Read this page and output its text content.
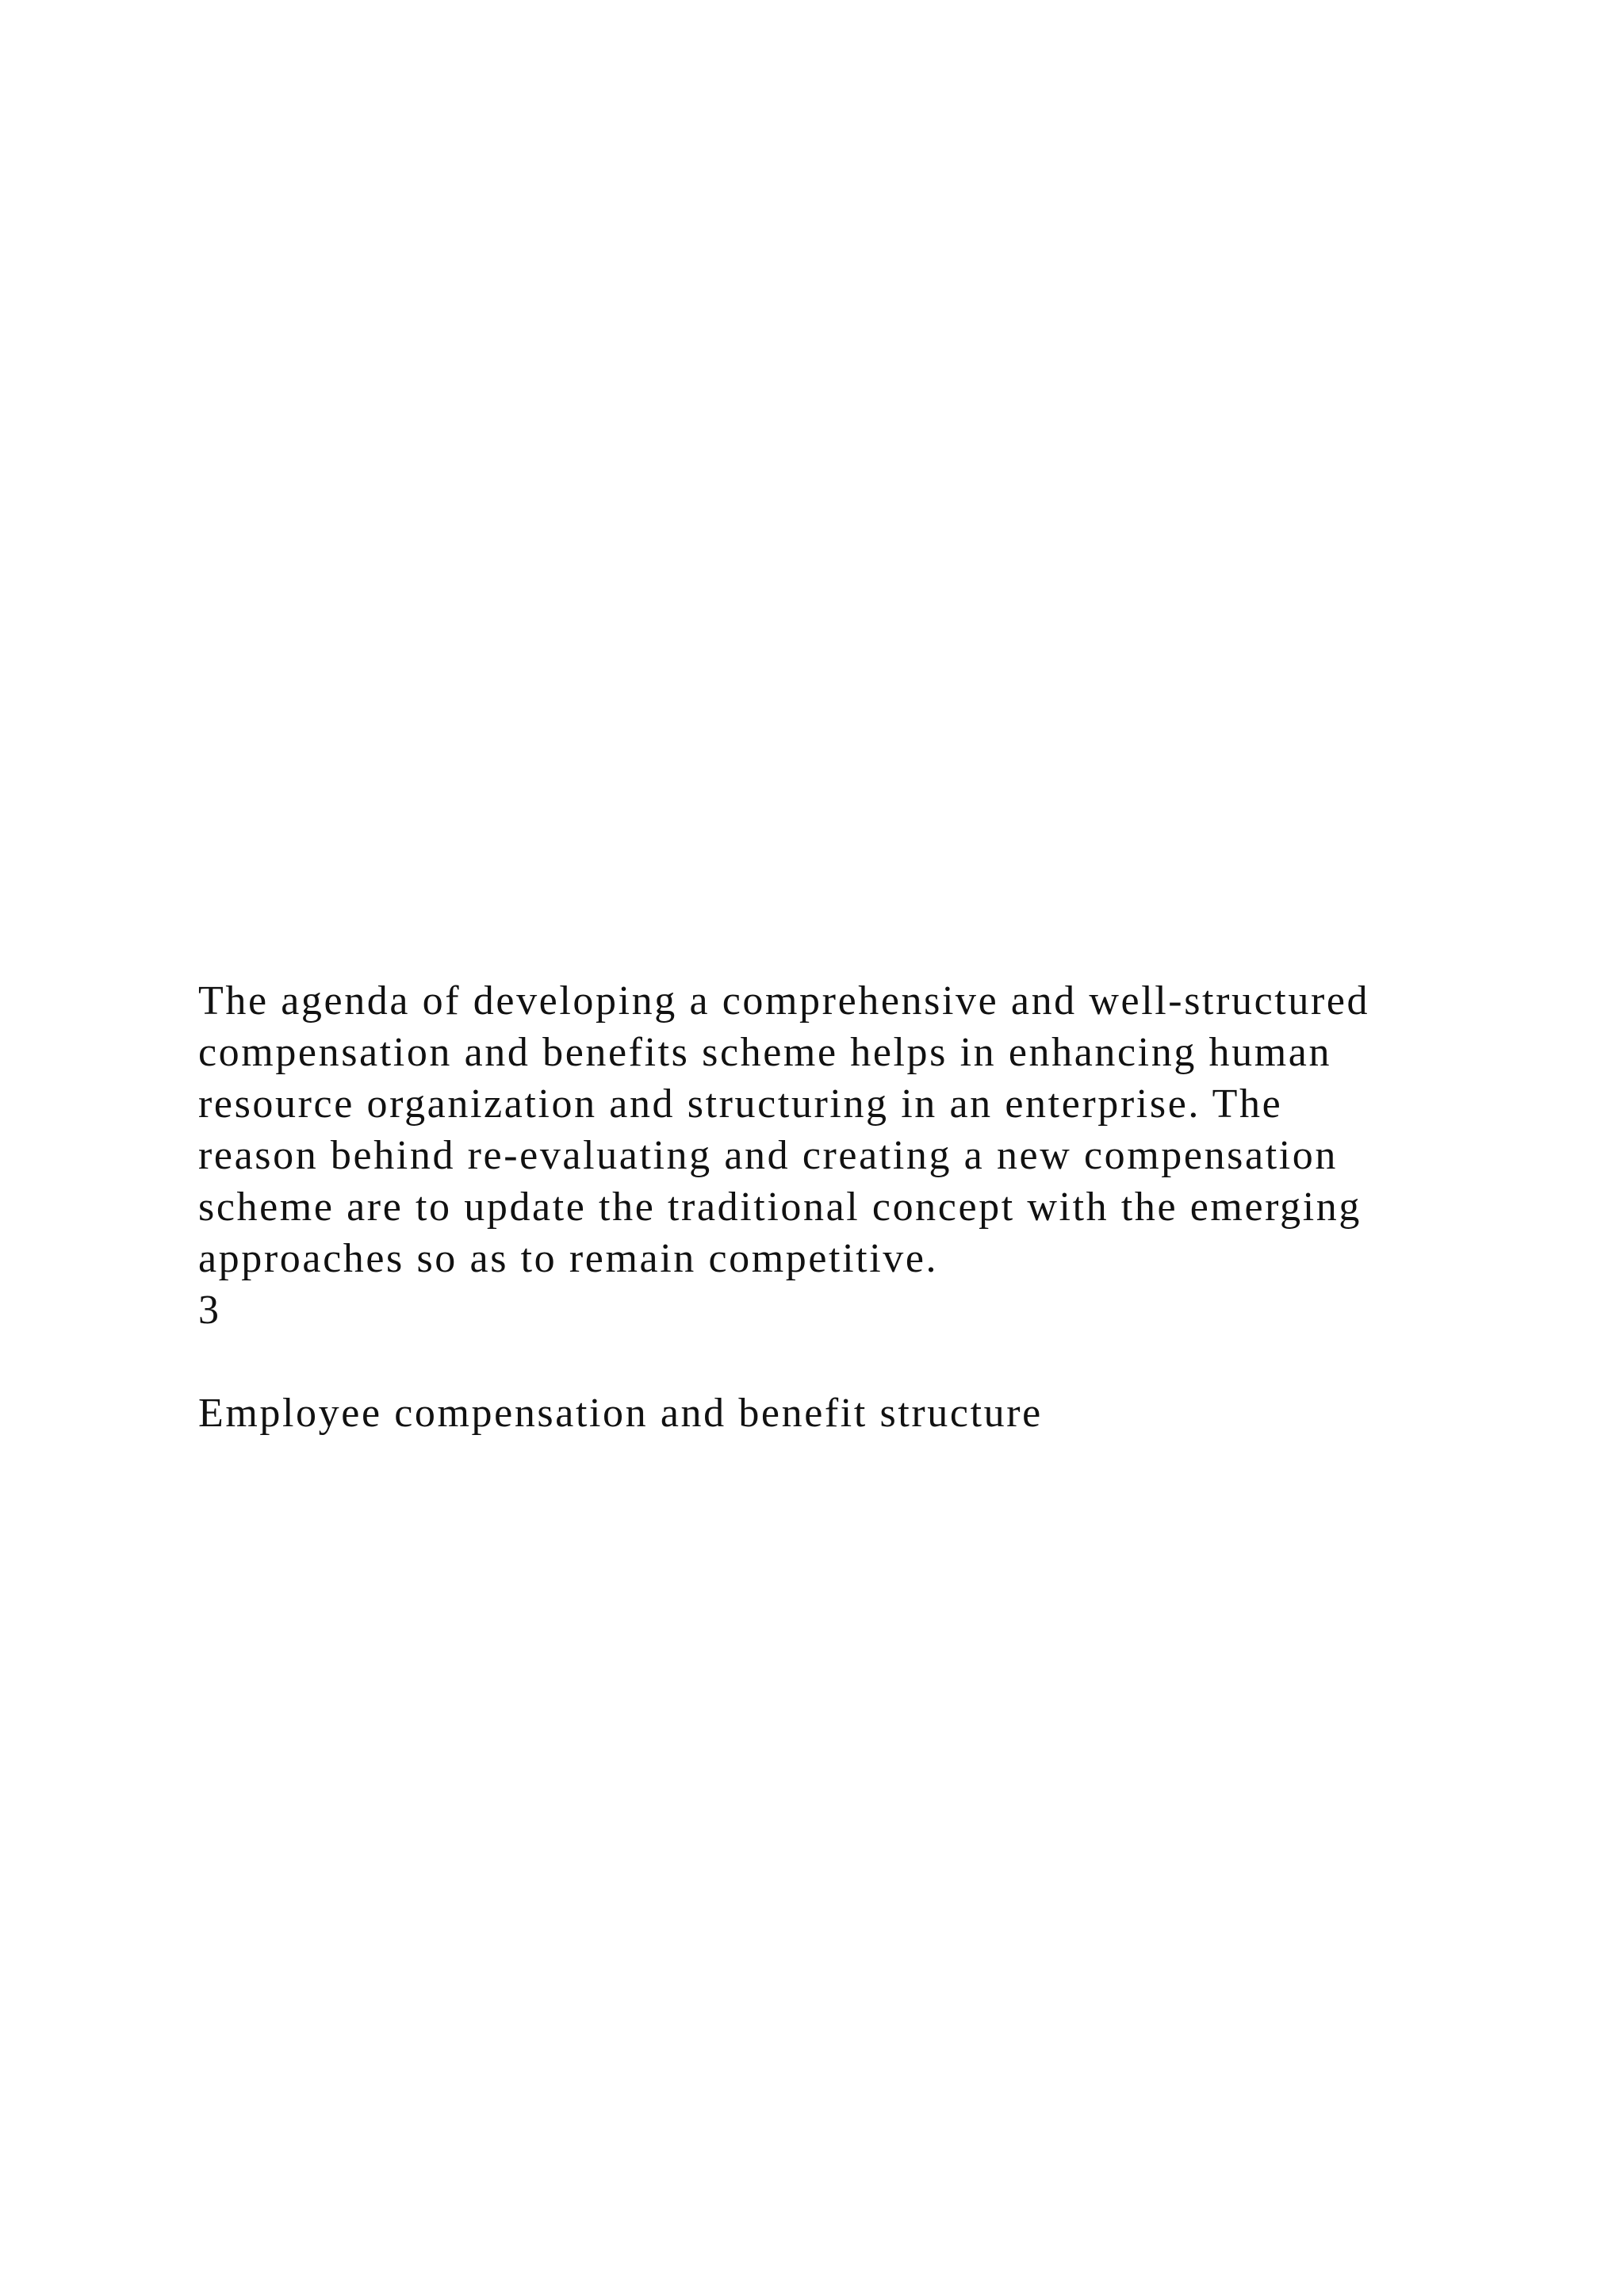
The agenda of developing a comprehensive and well-structured
compensation and benefits scheme helps in enhancing human
resource organization and structuring in an enterprise. The
reason behind re-evaluating and creating a new compensation
scheme are to update the traditional concept with the emerging
approaches so as to remain competitive.
3
Employee compensation and benefit structure
